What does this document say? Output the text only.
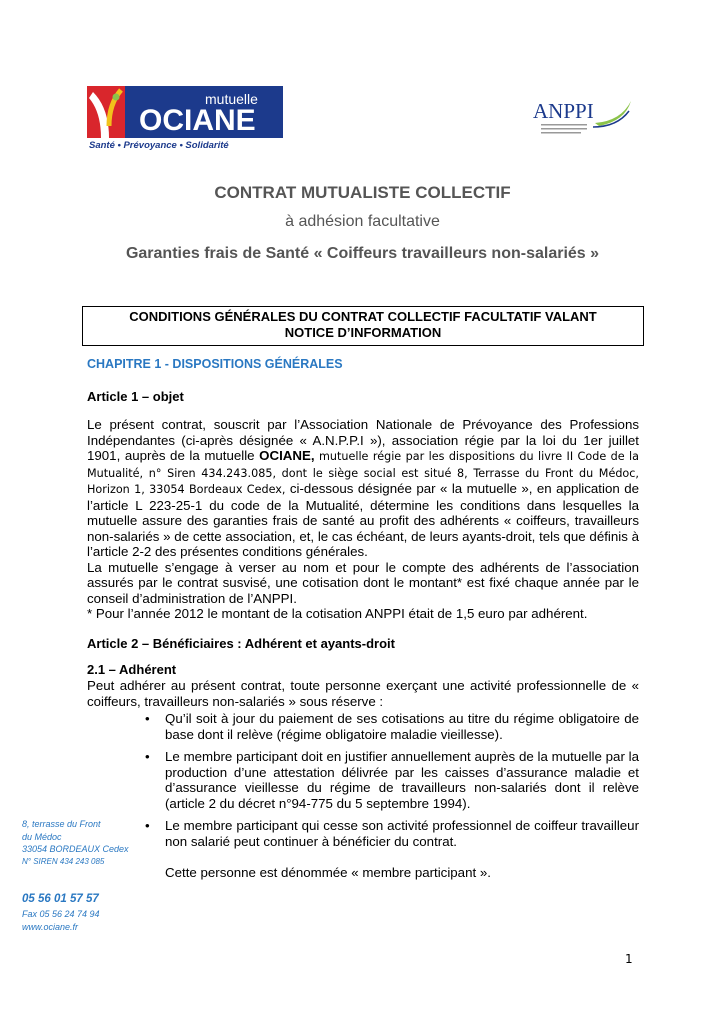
mutuelle
OCIANE
Santé • Prévoyance • Solidarité
ANPPI
CONTRAT MUTUALISTE COLLECTIF
à adhésion facultative
Garanties frais de Santé « Coiffeurs travailleurs non-salariés »
CONDITIONS GÉNÉRALES DU CONTRAT COLLECTIF FACULTATIF VALANT
NOTICE D’INFORMATION
CHAPITRE 1 - DISPOSITIONS GÉNÉRALES
Article 1 – objet

Le présent contrat, souscrit par l’Association Nationale de Prévoyance des Professions Indépendantes (ci-après désignée « A.N.P.P.I »), association régie par la loi du 1er juillet 1901, auprès de la mutuelle OCIANE, mutuelle régie par les dispositions du livre II Code de la Mutualité, n° Siren 434.243.085, dont le siège social est situé 8, Terrasse du Front du Médoc, Horizon 1, 33054 Bordeaux Cedex, ci-dessous désignée par « la mutuelle », en application de l’article L 223-25-1 du code de la Mutualité, détermine les conditions dans lesquelles la mutuelle assure des garanties frais de santé au profit des adhérents « coiffeurs, travailleurs non-salariés » de cette association, et, le cas échéant, de leurs ayants-droit, tels que définis à l’article 2-2 des présentes conditions générales.

La mutuelle s’engage à verser au nom et pour le compte des adhérents de l’association assurés par le contrat susvisé, une cotisation dont le montant* est fixé chaque année par le conseil d’administration de l’ANPPI.

* Pour l’année 2012 le montant de la cotisation ANPPI était de 1,5 euro par adhérent.

Article 2 – Bénéficiaires : Adhérent et ayants-droit
2.1 – Adhérent

Peut adhérer au présent contrat, toute personne exerçant une activité professionnelle de « coiffeurs, travailleurs non-salariés » sous réserve :

• Qu’il soit à jour du paiement de ses cotisations au titre du régime obligatoire de base dont il relève (régime obligatoire maladie vieillesse).
• Le membre participant doit en justifier annuellement auprès de la mutuelle par la production d’une attestation délivrée par les caisses d’assurance maladie et d’assurance vieillesse du régime de travailleurs non-salariés dont il relève (article 2 du décret n°94-775 du 5 septembre 1994).
• Le membre participant qui cesse son activité professionnel de coiffeur travailleur non salarié peut continuer à bénéficier du contrat.

Cette personne est dénommée « membre participant ».

8, terrasse du Front
du Médoc
33054 BORDEAUX Cedex
N° SIREN 434 243 085
05 56 01 57 57
Fax 05 56 24 74 94
www.ociane.fr
1
